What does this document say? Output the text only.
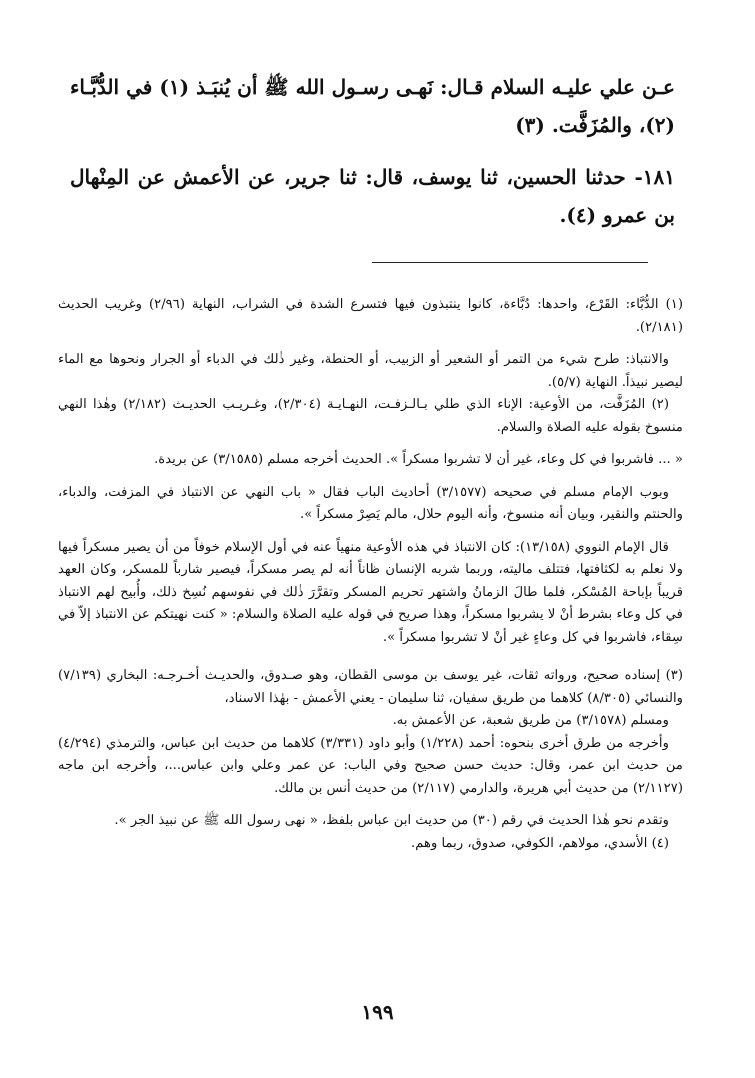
عـن علي عليـه السلام قـال: نَهـى رسـول الله ﷺ أن يُنبَـذ (١) في الدُّبَّـاء (٢)، والمُزَفَّت. (٣)

١٨١- حدثنا الحسين، ثنا يوسف، قال: ثنا جرير، عن الأعمش عن المِنْهال بن عمرو (٤).

(١) الدُّبَّاء: القَرْع، واحدها: دُبَّاءة، كانوا ينتبذون فيها فتسرع الشدة في الشراب، النهاية (٢/٩٦) وغريب الحديث (٢/١٨١).

والانتباذ: طرح شيء من التمر أو الشعير أو الزبيب، أو الحنطة، وغير ذٰلك في الدباء أو الجرار ونحوها مع الماء ليصير نبيذاً. النهاية (٥/٧).

(٢) المُزَفَّت، من الأوعية: الإناء الذي طلي بـالـزفـت، النهـايـة (٢/٣٠٤)، وغـريـب الحديـث (٢/١٨٢) وهٰذا النهي منسوخ بقوله عليه الصلاة والسلام.

« ... فاشربوا في كل وعاء، غير أن لا تشربوا مسكراً ». الحديث أخرجه مسلم (٣/١٥٨٥) عن بريدة.

وبوب الإمام مسلم في صحيحه (٣/١٥٧٧) أحاديث الباب فقال « باب النهي عن الانتباذ في المزفت، والدباء، والحنتم والنقير، وبيان أنه منسوخ، وأنه اليوم حلال، مالم يَصِرْ مسكراً ».

قال الإمام النووي (١٣/١٥٨): كان الانتباذ في هذه الأوعية منهياً عنه في أول الإسلام خوفاً من أن يصير مسكراً فيها ولا نعلم به لكثافتها، فتتلف ماليته، وربما شربه الإنسان ظاناً أنه لم يصر مسكراً، فيصير شارباً للمسكر، وكان العهد قريباً بإباحة المُسْكر، فلما طالَ الزمانُ واشتهر تحريم المسكر وتقرَّرَ ذٰلك في نفوسهم نُسِخ ذلك، وأُبيح لهم الانتباذ في كل وعاء بشرط أنْ لا يشربوا مسكراً، وهذا صريح في قوله عليه الصلاة والسلام: « كنت نهيتكم عن الانتباذ إلاّ في سِقاء، فاشربوا في كل وعاءٍ غير أنْ لا تشربوا مسكراً ».

(٣) إسناده صحيح، ورواته ثقات، غير يوسف بن موسى القطان، وهو صـدوق، والحديـث أخـرجـه: البخاري (٧/١٣٩) والنسائي (٨/٣٠٥) كلاهما من طريق سفيان، ثنا سليمان - يعني الأعمش - بهٰذا الاسناد،

ومسلم (٣/١٥٧٨) من طريق شعبة، عن الأعمش به.

وأخرجه من طرق أخرى بنحوه: أحمد (١/٢٢٨) وأبو داود (٣/٣٣١) كلاهما من حديث ابن عباس، والترمذي (٤/٢٩٤) من حديث ابن عمر، وقال: حديث حسن صحيح وفي الباب: عن عمر وعلي وابن عباس...، وأخرجه ابن ماجه (٢/١١٢٧) من حديث أبي هريرة، والدارمي (٢/١١٧) من حديث أنس بن مالك.

وتقدم نحو هٰذا الحديث في رقم (٣٠) من حديث ابن عباس بلفظ، « نهى رسول الله ﷺ عن نبيذ الجر ».

(٤) الأسدي، مولاهم، الكوفي، صدوق، ربما وهم.

١٩٩
